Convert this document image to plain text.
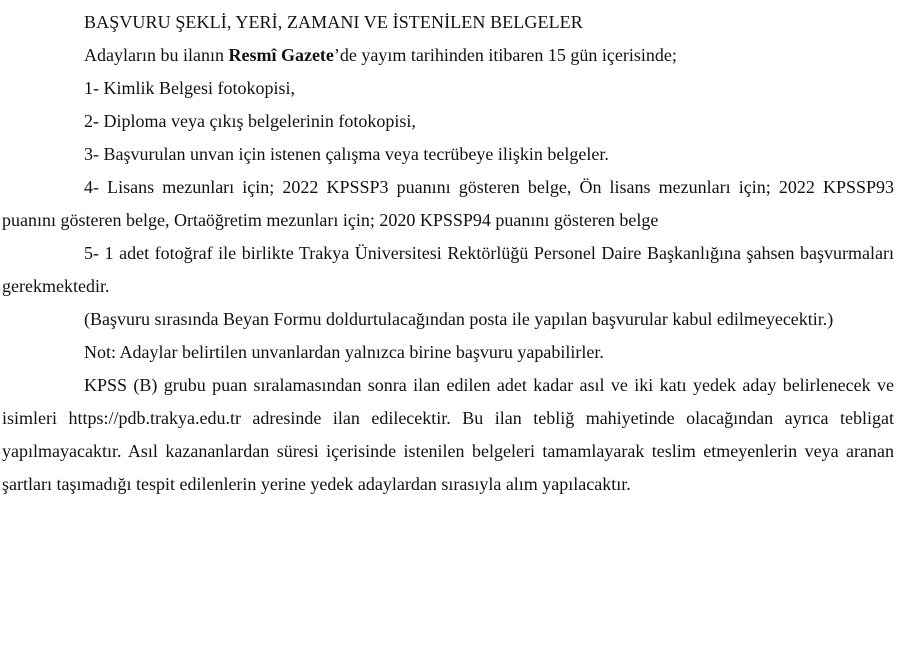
BAŞVURU ŞEKLİ, YERİ, ZAMANI VE İSTENİLEN BELGELER

Adayların bu ilanın Resmî Gazete’de yayım tarihinden itibaren 15 gün içerisinde;

1- Kimlik Belgesi fotokopisi,

2- Diploma veya çıkış belgelerinin fotokopisi,

3- Başvurulan unvan için istenen çalışma veya tecrübeye ilişkin belgeler.

4- Lisans mezunları için; 2022 KPSSP3 puanını gösteren belge, Ön lisans mezunları için; 2022 KPSSP93 puanını gösteren belge, Ortaöğretim mezunları için; 2020 KPSSP94 puanını gösteren belge

5- 1 adet fotoğraf ile birlikte Trakya Üniversitesi Rektörlüğü Personel Daire Başkanlığına şahsen başvurmaları gerekmektedir.

(Başvuru sırasında Beyan Formu doldurtulacağından posta ile yapılan başvurular kabul edilmeyecektir.)

Not: Adaylar belirtilen unvanlardan yalnızca birine başvuru yapabilirler.

KPSS (B) grubu puan sıralamasından sonra ilan edilen adet kadar asıl ve iki katı yedek aday belirlenecek ve isimleri https://pdb.trakya.edu.tr adresinde ilan edilecektir. Bu ilan tebliğ mahiyetinde olacağından ayrıca tebligat yapılmayacaktır. Asıl kazananlardan süresi içerisinde istenilen belgeleri tamamlayarak teslim etmeyenlerin veya aranan şartları taşımadığı tespit edilenlerin yerine yedek adaylardan sırasıyla alım yapılacaktır.
